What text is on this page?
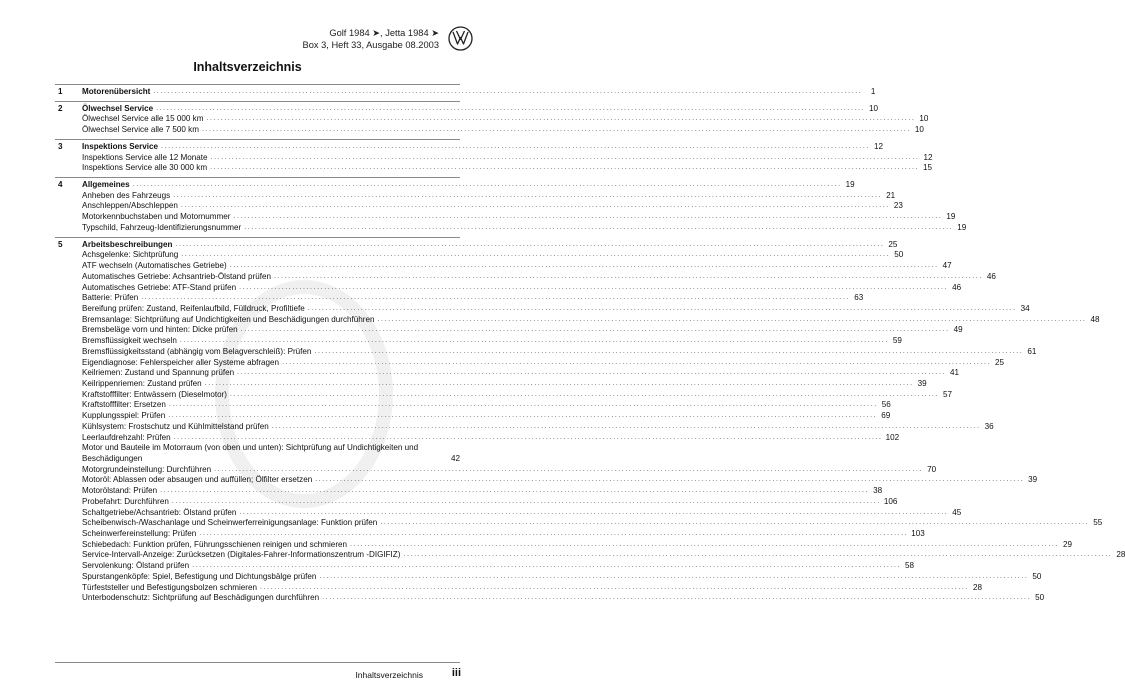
Golf 1984 ➤, Jetta 1984 ➤
Box 3, Heft 33, Ausgabe 08.2003
Inhaltsverzeichnis
1 Motorenübersicht ........................................................................................................................................................................................................	1
2 Ölwechsel Service ........................................................................................................................................................................................................ 10
Ölwechsel Service alle 15 000 km ........................................................................................................................................................................................................ 10
Ölwechsel Service alle 7 500 km ........................................................................................................................................................................................................ 10
3 Inspektions Service ........................................................................................................................................................................................................ 12
Inspektions Service alle 12 Monate ........................................................................................................................................................................................................ 12
Inspektions Service alle 30 000 km ........................................................................................................................................................................................................ 15
4 Allgemeines ........................................................................................................................................................................................................ 19
Anheben des Fahrzeugs ........................................................................................................................................................................................................ 21
Anschleppen/Abschleppen ........................................................................................................................................................................................................ 23
Motorkennbuchstaben und Motornummer ........................................................................................................................................................................................................ 19
Typschild, Fahrzeug-Identifizierungsnummer ........................................................................................................................................................................................................ 19
5 Arbeitsbeschreibungen ........................................................................................................................................................................................................ 25
Achsgelenke: Sichtprüfung ........................................................................................................................................................................................................ 50
ATF wechseln (Automatisches Getriebe) ........................................................................................................................................................................................................ 47
Automatisches Getriebe: Achsantrieb-Ölstand prüfen ........................................................................................................................................................................................................ 46
Automatisches Getriebe: ATF-Stand prüfen ........................................................................................................................................................................................................ 46
Batterie: Prüfen ........................................................................................................................................................................................................ 63
Bereifung prüfen: Zustand, Reifenlaufbild, Fülldruck, Profiltiefe ........................................................................................................................................................................................................ 34
Bremsanlage: Sichtprüfung auf Undichtigkeiten und Beschädigungen durchführen ........................................................................................................................................................................................................ 48
Bremsbeläge vorn und hinten: Dicke prüfen ........................................................................................................................................................................................................ 49
Bremsflüssigkeit wechseln ........................................................................................................................................................................................................ 59
Bremsflüssigkeitsstand (abhängig vom Belagverschleiß): Prüfen ........................................................................................................................................................................................................ 61
Eigendiagnose: Fehlerspeicher aller Systeme abfragen ........................................................................................................................................................................................................ 25
Keilriemen: Zustand und Spannung prüfen ........................................................................................................................................................................................................ 41
Keilrippenriemen: Zustand prüfen ........................................................................................................................................................................................................ 39
Kraftstofffilter: Entwässern (Dieselmotor) ........................................................................................................................................................................................................ 57
Kraftstofffilter: Ersetzen ........................................................................................................................................................................................................ 56
Kupplungsspiel: Prüfen ........................................................................................................................................................................................................ 69
Kühlsystem: Frostschutz und Kühlmittelstand prüfen ........................................................................................................................................................................................................ 36
Leerlaufdrehzahl: Prüfen ........................................................................................................................................................................................................ 102
Motor und Bauteile im Motorraum (von oben und unten): Sichtprüfung auf Undichtigkeiten und Beschädigungen	42
Motorgrundeinstellung: Durchführen ........................................................................................................................................................................................................ 70
Motoröl: Ablassen oder absaugen und auffüllen; Ölfilter ersetzen ........................................................................................................................................................................................................ 39
Motorölstand: Prüfen ........................................................................................................................................................................................................ 38
Probefahrt: Durchführen ........................................................................................................................................................................................................ 106
Schaltgetriebe/Achsantrieb: Ölstand prüfen ........................................................................................................................................................................................................ 45
Scheibenwisch-/Waschanlage und Scheinwerferreinigungsanlage: Funktion prüfen ........................................................................................................................................................................................................ 55
Scheinwerfereinstellung: Prüfen ........................................................................................................................................................................................................ 103
Schiebedach: Funktion prüfen, Führungsschienen reinigen und schmieren ........................................................................................................................................................................................................ 29
Service-Intervall-Anzeige: Zurücksetzen (Digitales-Fahrer-Informationszentrum -DIGIFIZ) ........................................................................................................................................................................................................ 28
Servolenkung: Ölstand prüfen ........................................................................................................................................................................................................ 58
Spurstangenköpfe: Spiel, Befestigung und Dichtungsbälge prüfen ........................................................................................................................................................................................................ 50
Türfeststeller und Befestigungsbolzen schmieren ........................................................................................................................................................................................................ 28
Unterbodenschutz: Sichtprüfung auf Beschädigungen durchführen ........................................................................................................................................................................................................ 50
Inhaltsverzeichnis	iii
